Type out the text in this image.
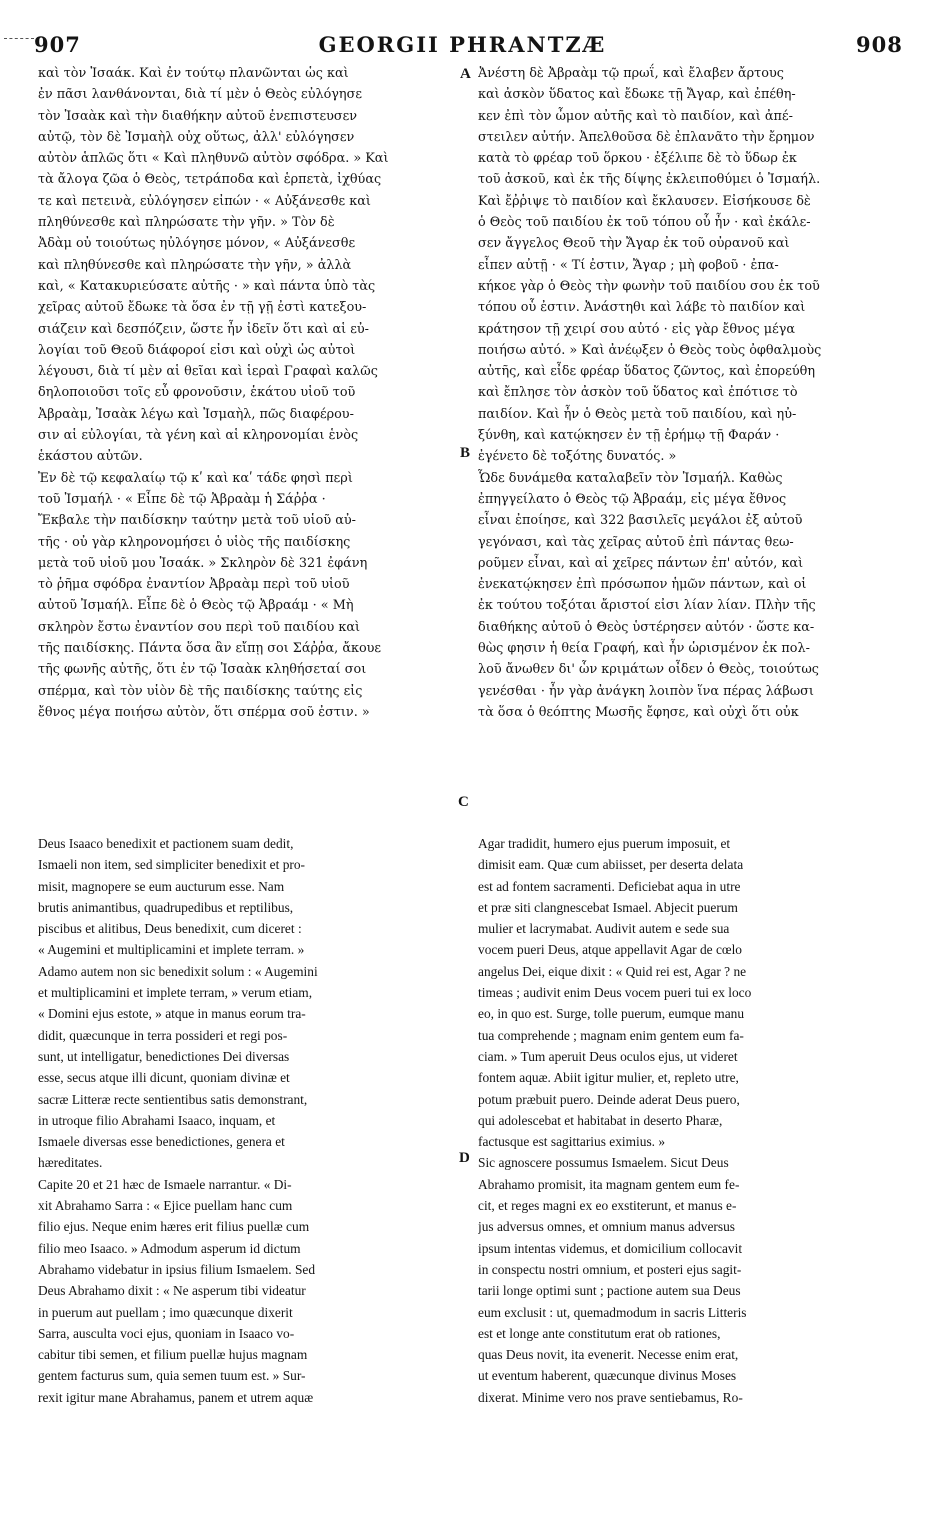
907	GEORGII PHRANTZÆ	908
καὶ τὸν Ἰσαάκ. Καὶ ἐν τούτῳ πλανῶνται ὡς καὶ
ἐν πᾶσι λανθάνονται, διὰ τί μὲν ὁ Θεὸς εὐλόγησε
τὸν Ἰσαὰκ καὶ τὴν διαθήκην αὐτοῦ ἐνεπιστευσεν
αὐτῷ, τὸν δὲ Ἰσμαὴλ οὐχ οὕτως, ἀλλ' εὐλόγησεν
αὐτὸν ἁπλῶς ὅτι « Καὶ πληθυνῶ αὐτὸν σφόδρα. » Καὶ
τὰ ἄλογα ζῶα ὁ Θεὸς, τετράποδα καὶ ἑρπετὰ, ἰχθύας
τε καὶ πετεινὰ, εὐλόγησεν εἰπών · « Αὐξάνεσθε καὶ
πληθύνεσθε καὶ πληρώσατε τὴν γῆν. » Τὸν δὲ
Ἀδὰμ οὐ τοιούτως ηὐλόγησε μόνον, « Αὐξάνεσθε
καὶ πληθύνεσθε καὶ πληρώσατε τὴν γῆν, » ἀλλὰ
καὶ, « Κατακυριεύσατε αὐτῆς · » καὶ πάντα ὑπὸ τὰς
χεῖρας αὐτοῦ ἔδωκε τὰ ὅσα ἐν τῇ γῇ ἐστὶ κατεξου-
σιάζειν καὶ δεσπόζειν, ὥστε ἦν ἰδεῖν ὅτι καὶ αἱ εὐ-
λογίαι τοῦ Θεοῦ διάφοροί εἰσι καὶ οὐχὶ ὡς αὐτοὶ
λέγουσι, διὰ τί μὲν αἱ θεῖαι καὶ ἱεραὶ Γραφαὶ καλῶς
δηλοποιοῦσι τοῖς εὖ φρονοῦσιν, ἑκάτου υἱοῦ τοῦ
Ἀβραὰμ, Ἰσαὰκ λέγω καὶ Ἰσμαὴλ, πῶς διαφέρου-
σιν αἱ εὐλογίαι, τὰ γένη καὶ αἱ κληρονομίαι ἑνὸς
ἑκάστου αὐτῶν.
Ἐν δὲ τῷ κεφαλαίῳ τῷ κʹ καὶ καʹ τάδε φησὶ περὶ
τοῦ Ἰσμαήλ · « Εἶπε δὲ τῷ Ἀβραὰμ ἡ Σάῤῥα ·
Ἔκβαλε τὴν παιδίσκην ταύτην μετὰ τοῦ υἱοῦ αὐ-
τῆς · οὐ γὰρ κληρονομήσει ὁ υἱὸς τῆς παιδίσκης
μετὰ τοῦ υἱοῦ μου Ἰσαάκ. » Σκληρὸν δὲ 321 ἐφάνη
τὸ ῥῆμα σφόδρα ἐναντίον Ἀβραὰμ περὶ τοῦ υἱοῦ
αὐτοῦ Ἰσμαήλ. Εἶπε δὲ ὁ Θεὸς τῷ Ἀβραάμ · « Μὴ
σκληρὸν ἔστω ἐναντίον σου περὶ τοῦ παιδίου καὶ
τῆς παιδίσκης. Πάντα ὅσα ἂν εἴπῃ σοι Σάῤῥα, ἄκουε
τῆς φωνῆς αὐτῆς, ὅτι ἐν τῷ Ἰσαὰκ κληθήσεταί σοι
σπέρμα, καὶ τὸν υἱὸν δὲ τῆς παιδίσκης ταύτης εἰς
ἔθνος μέγα ποιήσω αὐτὸν, ὅτι σπέρμα σοῦ ἐστιν. »
Ἀνέστη δὲ Ἀβραὰμ τῷ πρωΐ, καὶ ἔλαβεν ἄρτους
καὶ ἀσκὸν ὕδατος καὶ ἔδωκε τῇ Ἄγαρ, καὶ ἐπέθη-
κεν ἐπὶ τὸν ὦμον αὐτῆς καὶ τὸ παιδίον, καὶ ἀπέ-
στειλεν αὐτήν. Ἀπελθοῦσα δὲ ἐπλανᾶτο τὴν ἔρημον
κατὰ τὸ φρέαρ τοῦ ὅρκου · ἐξέλιπε δὲ τὸ ὕδωρ ἐκ
τοῦ ἀσκοῦ, καὶ ἐκ τῆς δίψης ἐκλειποθύμει ὁ Ἰσμαήλ.
Καὶ ἔῤῥιψε τὸ παιδίον καὶ ἔκλαυσεν. Εἰσήκουσε δὲ
ὁ Θεὸς τοῦ παιδίου ἐκ τοῦ τόπου οὗ ἦν · καὶ ἐκάλε-
σεν ἄγγελος Θεοῦ τὴν Ἄγαρ ἐκ τοῦ οὐρανοῦ καὶ
εἶπεν αὐτῇ · « Τί ἐστιν, Ἄγαρ ; μὴ φοβοῦ · ἐπα-
κήκοε γὰρ ὁ Θεὸς τὴν φωνὴν τοῦ παιδίου σου ἐκ τοῦ
τόπου οὗ ἐστιν. Ἀνάστηθι καὶ λάβε τὸ παιδίον καὶ
κράτησον τῇ χειρί σου αὐτό · εἰς γὰρ ἔθνος μέγα
ποιήσω αὐτό. » Καὶ ἀνέῳξεν ὁ Θεὸς τοὺς ὀφθαλμοὺς
αὐτῆς, καὶ εἶδε φρέαρ ὕδατος ζῶντος, καὶ ἐπορεύθη
καὶ ἔπλησε τὸν ἀσκὸν τοῦ ὕδατος καὶ ἐπότισε τὸ
παιδίον. Καὶ ἦν ὁ Θεὸς μετὰ τοῦ παιδίου, καὶ ηὐ-
ξύνθη, καὶ κατῴκησεν ἐν τῇ ἐρήμῳ τῇ Φαράν ·
ἐγένετο δὲ τοξότης δυνατός. »
Ὧδε δυνάμεθα καταλαβεῖν τὸν Ἰσμαήλ. Καθὼς
ἐπηγγείλατο ὁ Θεὸς τῷ Ἀβραάμ, εἰς μέγα ἔθνος
εἶναι ἐποίησε, καὶ 322 βασιλεῖς μεγάλοι ἐξ αὐτοῦ
γεγόνασι, καὶ τὰς χεῖρας αὐτοῦ ἐπὶ πάντας θεω-
ροῦμεν εἶναι, καὶ αἱ χεῖρες πάντων ἐπ' αὐτόν, καὶ
ἐνεκατῴκησεν ἐπὶ πρόσωπον ἡμῶν πάντων, καὶ οἱ
ἐκ τούτου τοξόται ἄριστοί εἰσι λίαν λίαν. Πλὴν τῆς
διαθήκης αὐτοῦ ὁ Θεὸς ὑστέρησεν αὐτόν · ὥστε κα-
θὼς φησιν ἡ θεία Γραφή, καὶ ἦν ὡρισμένον ἐκ πολ-
λοῦ ἄνωθεν δι' ὧν κριμάτων οἶδεν ὁ Θεὸς, τοιούτως
γενέσθαι · ἦν γὰρ ἀνάγκη λοιπὸν ἵνα πέρας λάβωσι
τὰ ὅσα ὁ θεόπτης Μωσῆς ἔφησε, καὶ οὐχὶ ὅτι οὐκ
Deus Isaaco benedixit et pactionem suam dedit,
Ismaeli non item, sed simpliciter benedixit et pro-
misit, magnopere se eum aucturum esse. Nam
brutis animantibus, quadrupedibus et reptilibus,
piscibus et alitibus, Deus benedixit, cum diceret :
« Augemini et multiplicamini et implete terram. »
Adamo autem non sic benedixit solum : « Augemini
et multiplicamini et implete terram, » verum etiam,
« Domini ejus estote, » atque in manus eorum tra-
didit, quæcunque in terra possideri et regi pos-
sunt, ut intelligatur, benedictiones Dei diversas
esse, secus atque illi dicunt, quoniam divinæ et
sacræ Litteræ recte sentientibus satis demonstrant,
in utroque filio Abrahami Isaaco, inquam, et
Ismaele diversas esse benedictiones, genera et
hæreditates.
Capite 20 et 21 hæc de Ismaele narrantur. « Di-
xit Abrahamo Sarra : « Ejice puellam hanc cum
filio ejus. Neque enim hæres erit filius puellæ cum
filio meo Isaaco. » Admodum asperum id dictum
Abrahamo videbatur in ipsius filium Ismaelem. Sed
Deus Abrahamo dixit : « Ne asperum tibi videatur
in puerum aut puellam ; imo quæcunque dixerit
Sarra, ausculta voci ejus, quoniam in Isaaco vo-
cabitur tibi semen, et filium puellæ hujus magnam
gentem facturus sum, quia semen tuum est. » Sur-
rexit igitur mane Abrahamus, panem et utrem aquæ
Agar tradidit, humero ejus puerum imposuit, et
dimisit eam. Quæ cum abiisset, per deserta delata
est ad fontem sacramenti. Deficiebat aqua in utre
et præ siti clangnescebat Ismael. Abjecit puerum
mulier et lacrymabat. Audivit autem e sede sua
vocem pueri Deus, atque appellavit Agar de cœlo
angelus Dei, eique dixit : « Quid rei est, Agar ? ne
timeas ; audivit enim Deus vocem pueri tui ex loco
eo, in quo est. Surge, tolle puerum, eumque manu
tua comprehende ; magnam enim gentem eum fa-
ciam. » Tum aperuit Deus oculos ejus, ut videret
fontem aquæ. Abiit igitur mulier, et, repleto utre,
potum præbuit puero. Deinde aderat Deus puero,
qui adolescebat et habitabat in deserto Pharæ,
factusque est sagittarius eximius. »
Sic agnoscere possumus Ismaelem. Sicut Deus
Abrahamo promisit, ita magnam gentem eum fe-
cit, et reges magni ex eo exstiterunt, et manus e-
jus adversus omnes, et omnium manus adversus
ipsum intentas videmus, et domicilium collocavit
in conspectu nostri omnium, et posteri ejus sagit-
tarii longe optimi sunt ; pactione autem sua Deus
eum exclusit : ut, quemadmodum in sacris Litteris
est et longe ante constitutum erat ob rationes,
quas Deus novit, ita evenerit. Necesse enim erat,
ut eventum haberent, quæcunque divinus Moses
dixerat. Minime vero nos prave sentiebamus, Ro-
A
B
C
D
